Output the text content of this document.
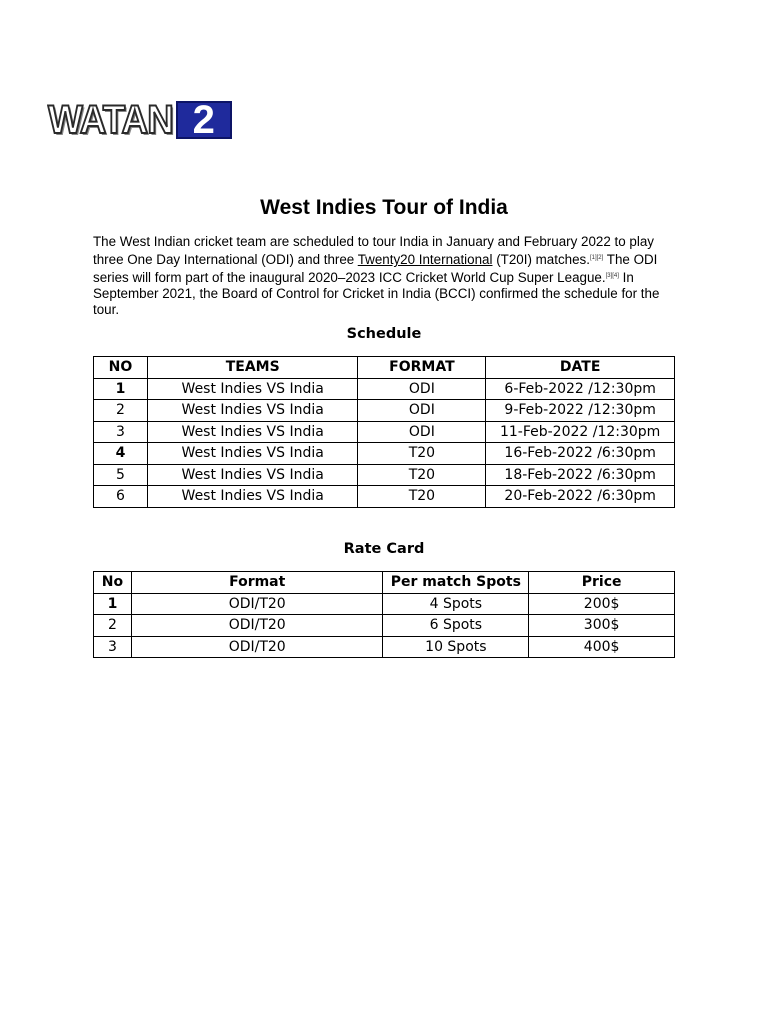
WATAN 2
West Indies Tour of India
The West Indian cricket team are scheduled to tour India in January and February 2022 to play three One Day International (ODI) and three Twenty20 International (T20I) matches.[1][2] The ODI series will form part of the inaugural 2020–2023 ICC Cricket World Cup Super League.[3][4] In September 2021, the Board of Control for Cricket in India (BCCI) confirmed the schedule for the tour.
Schedule
NO	TEAMS	FORMAT	DATE
1	West Indies VS India	ODI	6-Feb-2022 /12:30pm
2	West Indies VS India	ODI	9-Feb-2022 /12:30pm
3	West Indies VS India	ODI	11-Feb-2022 /12:30pm
4	West Indies VS India	T20	16-Feb-2022 /6:30pm
5	West Indies VS India	T20	18-Feb-2022 /6:30pm
6	West Indies VS India	T20	20-Feb-2022 /6:30pm
Rate Card
No	Format	Per match Spots	Price
1	ODI/T20	4 Spots	200$
2	ODI/T20	6 Spots	300$
3	ODI/T20	10 Spots	400$
